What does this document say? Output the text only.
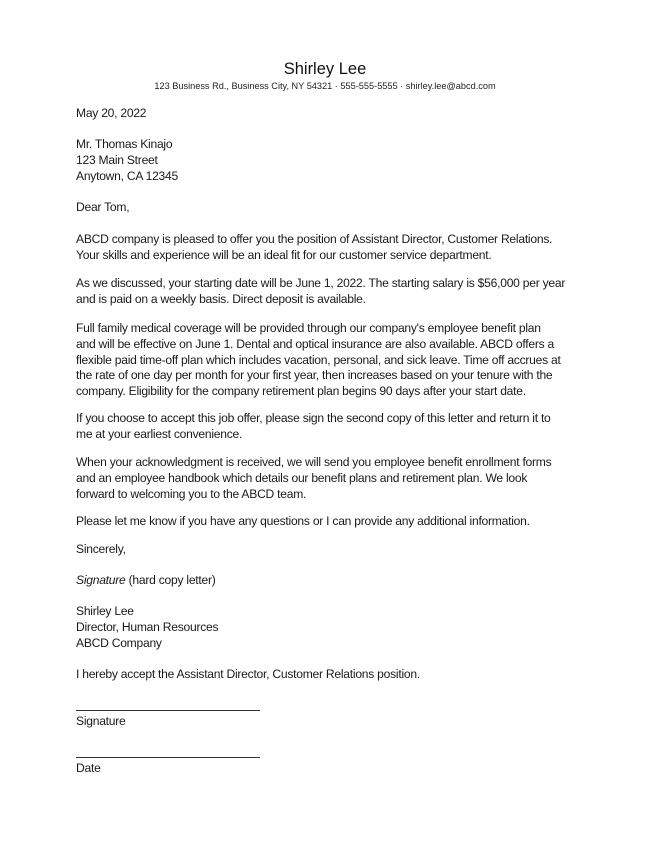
Shirley Lee
123 Business Rd., Business City, NY 54321 · 555-555-5555 · shirley.lee@abcd.com
May 20, 2022
Mr. Thomas Kinajo
123 Main Street
Anytown, CA 12345
Dear Tom,
ABCD company is pleased to offer you the position of Assistant Director, Customer Relations.
Your skills and experience will be an ideal fit for our customer service department.
As we discussed, your starting date will be June 1, 2022. The starting salary is $56,000 per year
and is paid on a weekly basis. Direct deposit is available.
Full family medical coverage will be provided through our company's employee benefit plan
and will be effective on June 1. Dental and optical insurance are also available. ABCD offers a
flexible paid time-off plan which includes vacation, personal, and sick leave. Time off accrues at
the rate of one day per month for your first year, then increases based on your tenure with the
company. Eligibility for the company retirement plan begins 90 days after your start date.
If you choose to accept this job offer, please sign the second copy of this letter and return it to
me at your earliest convenience.
When your acknowledgment is received, we will send you employee benefit enrollment forms
and an employee handbook which details our benefit plans and retirement plan. We look
forward to welcoming you to the ABCD team.
Please let me know if you have any questions or I can provide any additional information.
Sincerely,
Signature (hard copy letter)
Shirley Lee
Director, Human Resources
ABCD Company
I hereby accept the Assistant Director, Customer Relations position.
Signature
Date
